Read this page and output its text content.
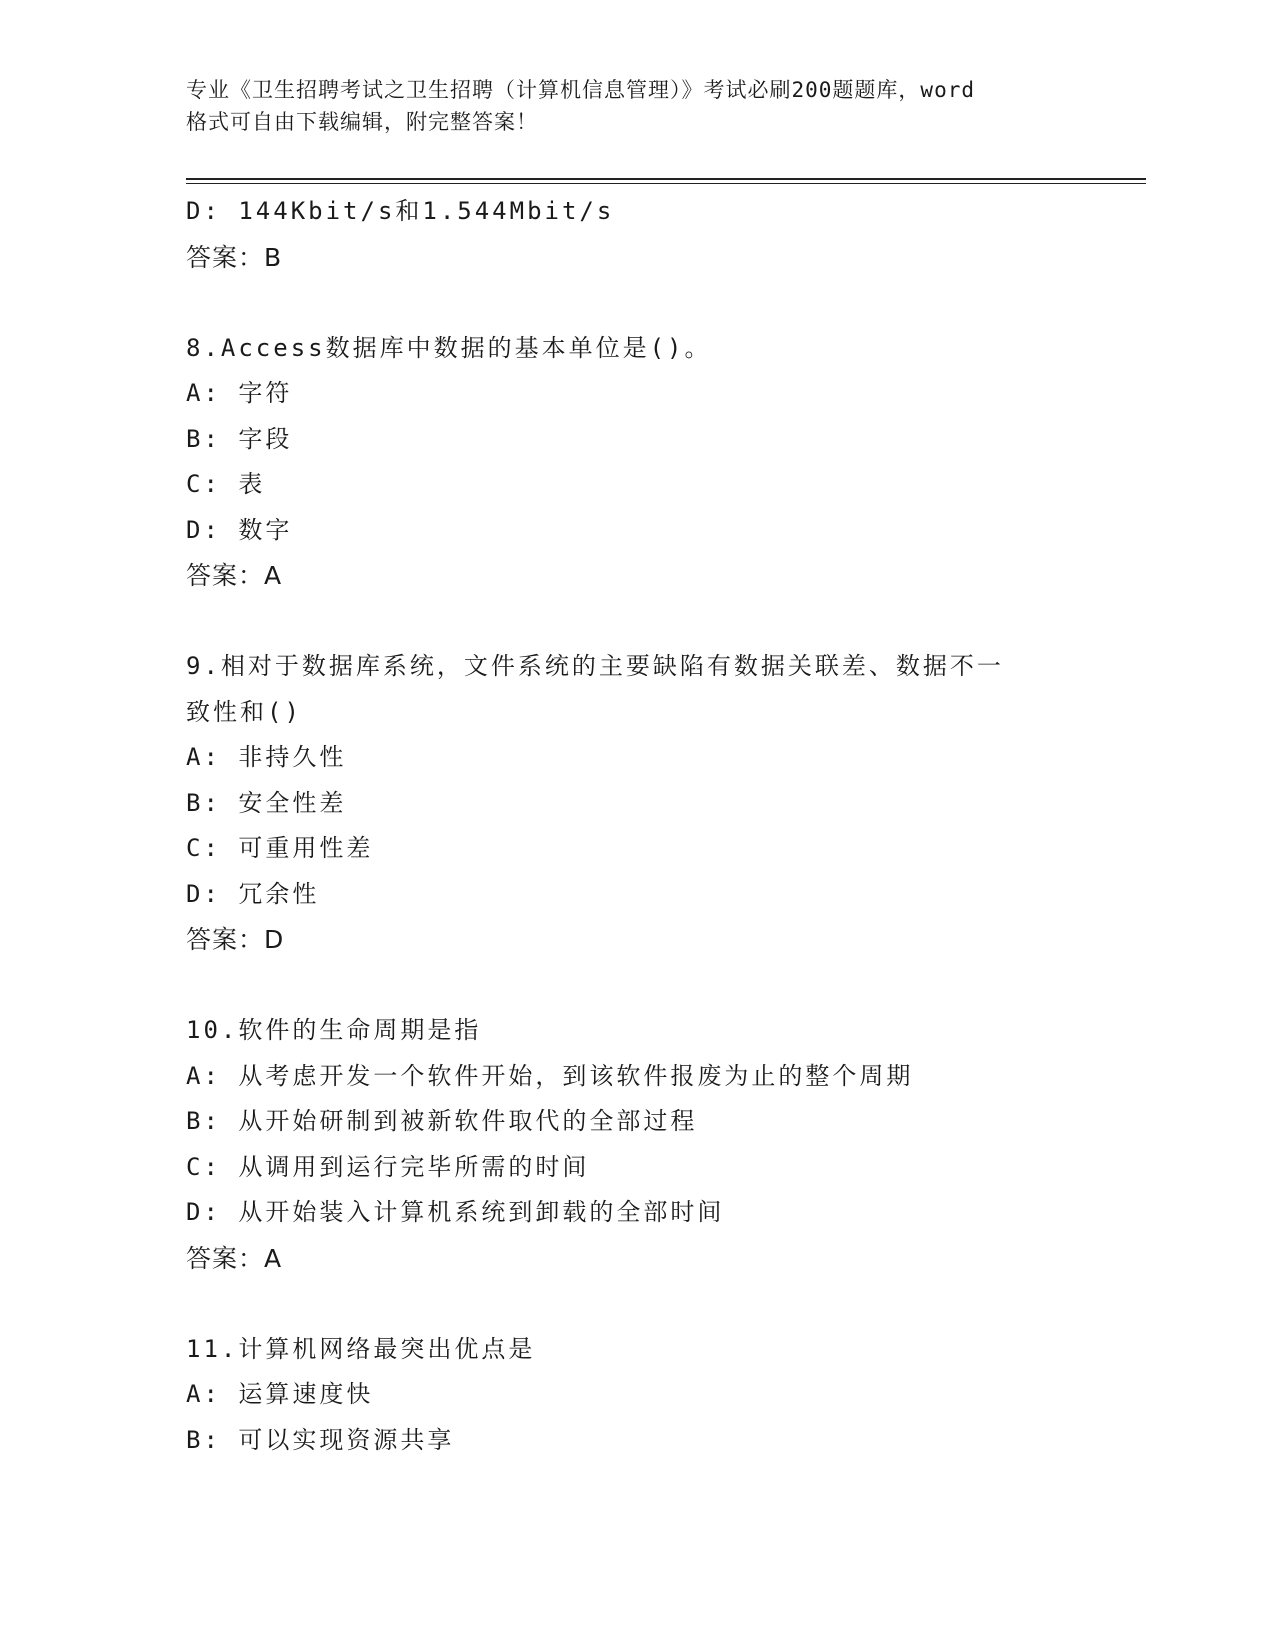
专业《卫生招聘考试之卫生招聘（计算机信息管理）》考试必刷200题题库，word
格式可自由下载编辑，附完整答案！
D: 144Kbit/s和1.544Mbit/s
答案：B
8.Access数据库中数据的基本单位是()。
A: 字符
B: 字段
C: 表
D: 数字
答案：A
9.相对于数据库系统，文件系统的主要缺陷有数据关联差、数据不一
致性和()
A: 非持久性
B: 安全性差
C: 可重用性差
D: 冗余性
答案：D
10.软件的生命周期是指
A: 从考虑开发一个软件开始，到该软件报废为止的整个周期
B: 从开始研制到被新软件取代的全部过程
C: 从调用到运行完毕所需的时间
D: 从开始装入计算机系统到卸载的全部时间
答案：A
11.计算机网络最突出优点是
A: 运算速度快
B: 可以实现资源共享
